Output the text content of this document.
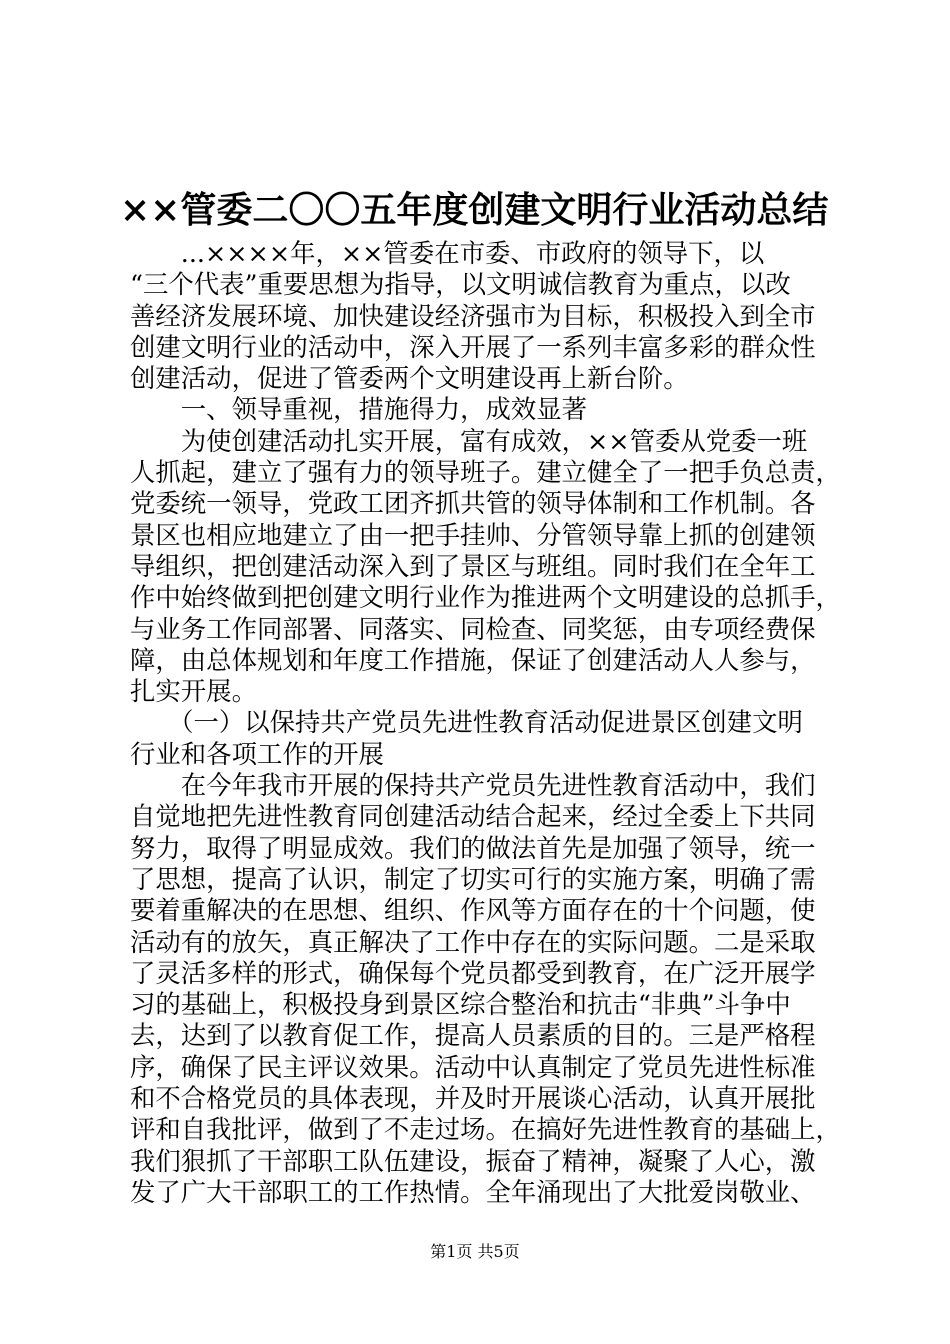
××管委二〇〇五年度创建文明行业活动总结
　　...××××年，××管委在市委、市政府的领导下，以
“三个代表”重要思想为指导，以文明诚信教育为重点，以改
善经济发展环境、加快建设经济强市为目标，积极投入到全市
创建文明行业的活动中，深入开展了一系列丰富多彩的群众性
创建活动，促进了管委两个文明建设再上新台阶。
　　一、领导重视，措施得力，成效显著
　　为使创建活动扎实开展，富有成效，××管委从党委一班
人抓起，建立了强有力的领导班子。建立健全了一把手负总责，
党委统一领导，党政工团齐抓共管的领导体制和工作机制。各
景区也相应地建立了由一把手挂帅、分管领导靠上抓的创建领
导组织，把创建活动深入到了景区与班组。同时我们在全年工
作中始终做到把创建文明行业作为推进两个文明建设的总抓手，
与业务工作同部署、同落实、同检查、同奖惩，由专项经费保
障，由总体规划和年度工作措施，保证了创建活动人人参与，
扎实开展。
　　（一）以保持共产党员先进性教育活动促进景区创建文明
行业和各项工作的开展
　　在今年我市开展的保持共产党员先进性教育活动中，我们
自觉地把先进性教育同创建活动结合起来，经过全委上下共同
努力，取得了明显成效。我们的做法首先是加强了领导，统一
了思想，提高了认识，制定了切实可行的实施方案，明确了需
要着重解决的在思想、组织、作风等方面存在的十个问题，使
活动有的放矢，真正解决了工作中存在的实际问题。二是采取
了灵活多样的形式，确保每个党员都受到教育，在广泛开展学
习的基础上，积极投身到景区综合整治和抗击“非典”斗争中
去，达到了以教育促工作，提高人员素质的目的。三是严格程
序，确保了民主评议效果。活动中认真制定了党员先进性标准
和不合格党员的具体表现，并及时开展谈心活动，认真开展批
评和自我批评，做到了不走过场。在搞好先进性教育的基础上，
我们狠抓了干部职工队伍建设，振奋了精神，凝聚了人心，激
发了广大干部职工的工作热情。全年涌现出了大批爱岗敬业、
第1页 共5页
